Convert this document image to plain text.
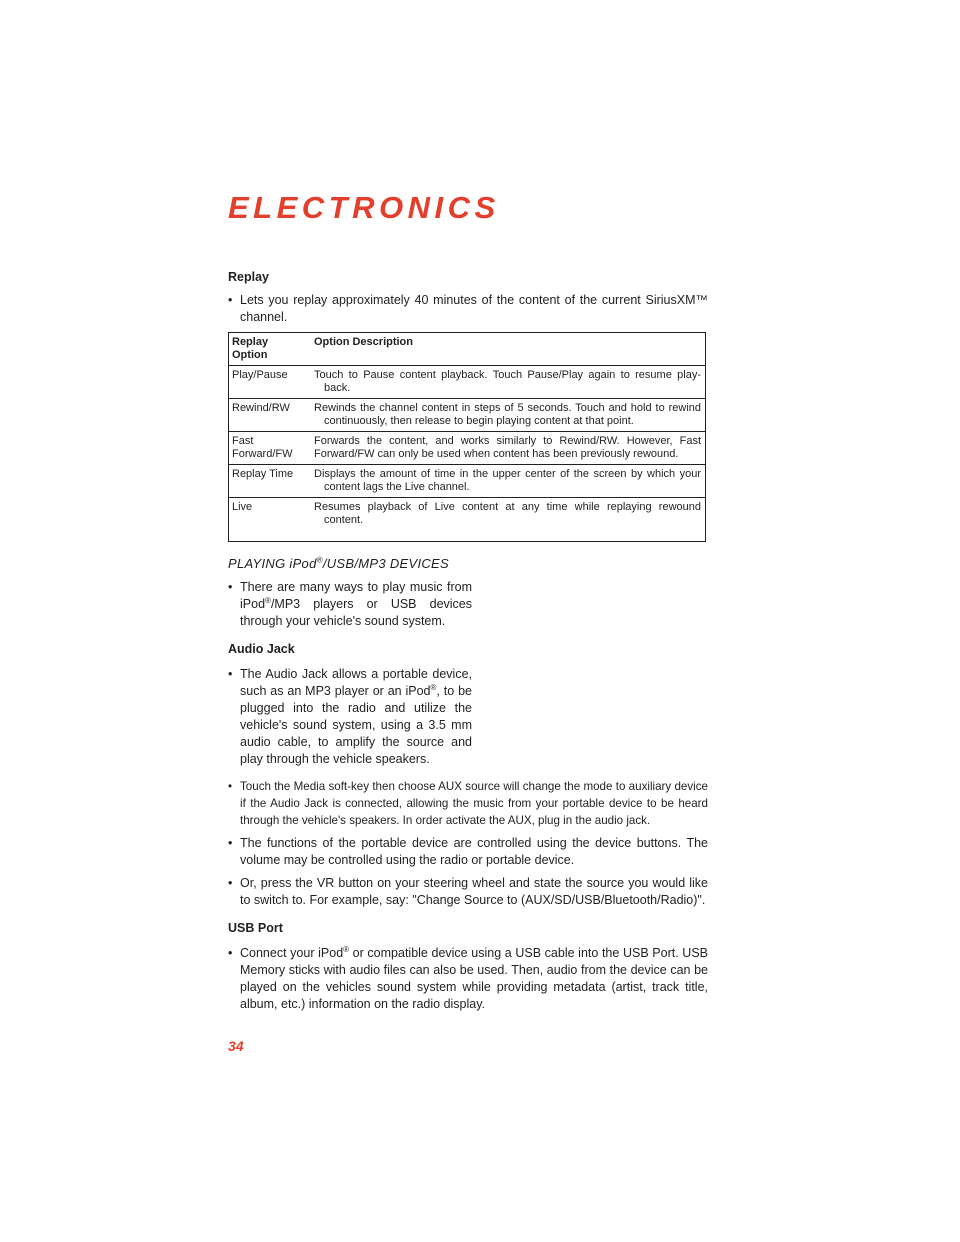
ELECTRONICS

Replay

• Lets you replay approximately 40 minutes of the content of the current SiriusXM™ channel.

Replay Option	Option Description
Play/Pause	Touch to Pause content playback. Touch Pause/Play again to resume play-back.

Rewind/RW	Rewinds the channel content in steps of 5 seconds. Touch and hold to rewind continuously, then release to begin playing content at that point.

Fast Forward/FW	Forwards the content, and works similarly to Rewind/RW. However, Fast Forward/FW can only be used when content has been previously rewound.
Replay Time	Displays the amount of time in the upper center of the screen by which your content lags the Live channel.

Live	Resumes playback of Live content at any time while replaying rewound content.
PLAYING iPod®/USB/MP3 DEVICES

• There are many ways to play music from iPod®/MP3 players or USB devices through your vehicle's sound system.

Audio Jack

• The Audio Jack allows a portable device, such as an MP3 player or an iPod®, to be plugged into the radio and utilize the vehicle's sound system, using a 3.5 mm audio cable, to amplify the source and play through the vehicle speakers.

• Touch the Media soft-key then choose AUX source will change the mode to auxiliary device if the Audio Jack is connected, allowing the music from your portable device to be heard through the vehicle's speakers. In order activate the AUX, plug in the audio jack.

• The functions of the portable device are controlled using the device buttons. The volume may be controlled using the radio or portable device.

• Or, press the VR button on your steering wheel and state the source you would like to switch to. For example, say: "Change Source to (AUX/SD/USB/Bluetooth/Radio)".

USB Port

• Connect your iPod® or compatible device using a USB cable into the USB Port. USB Memory sticks with audio files can also be used. Then, audio from the device can be played on the vehicles sound system while providing metadata (artist, track title, album, etc.) information on the radio display.

34
